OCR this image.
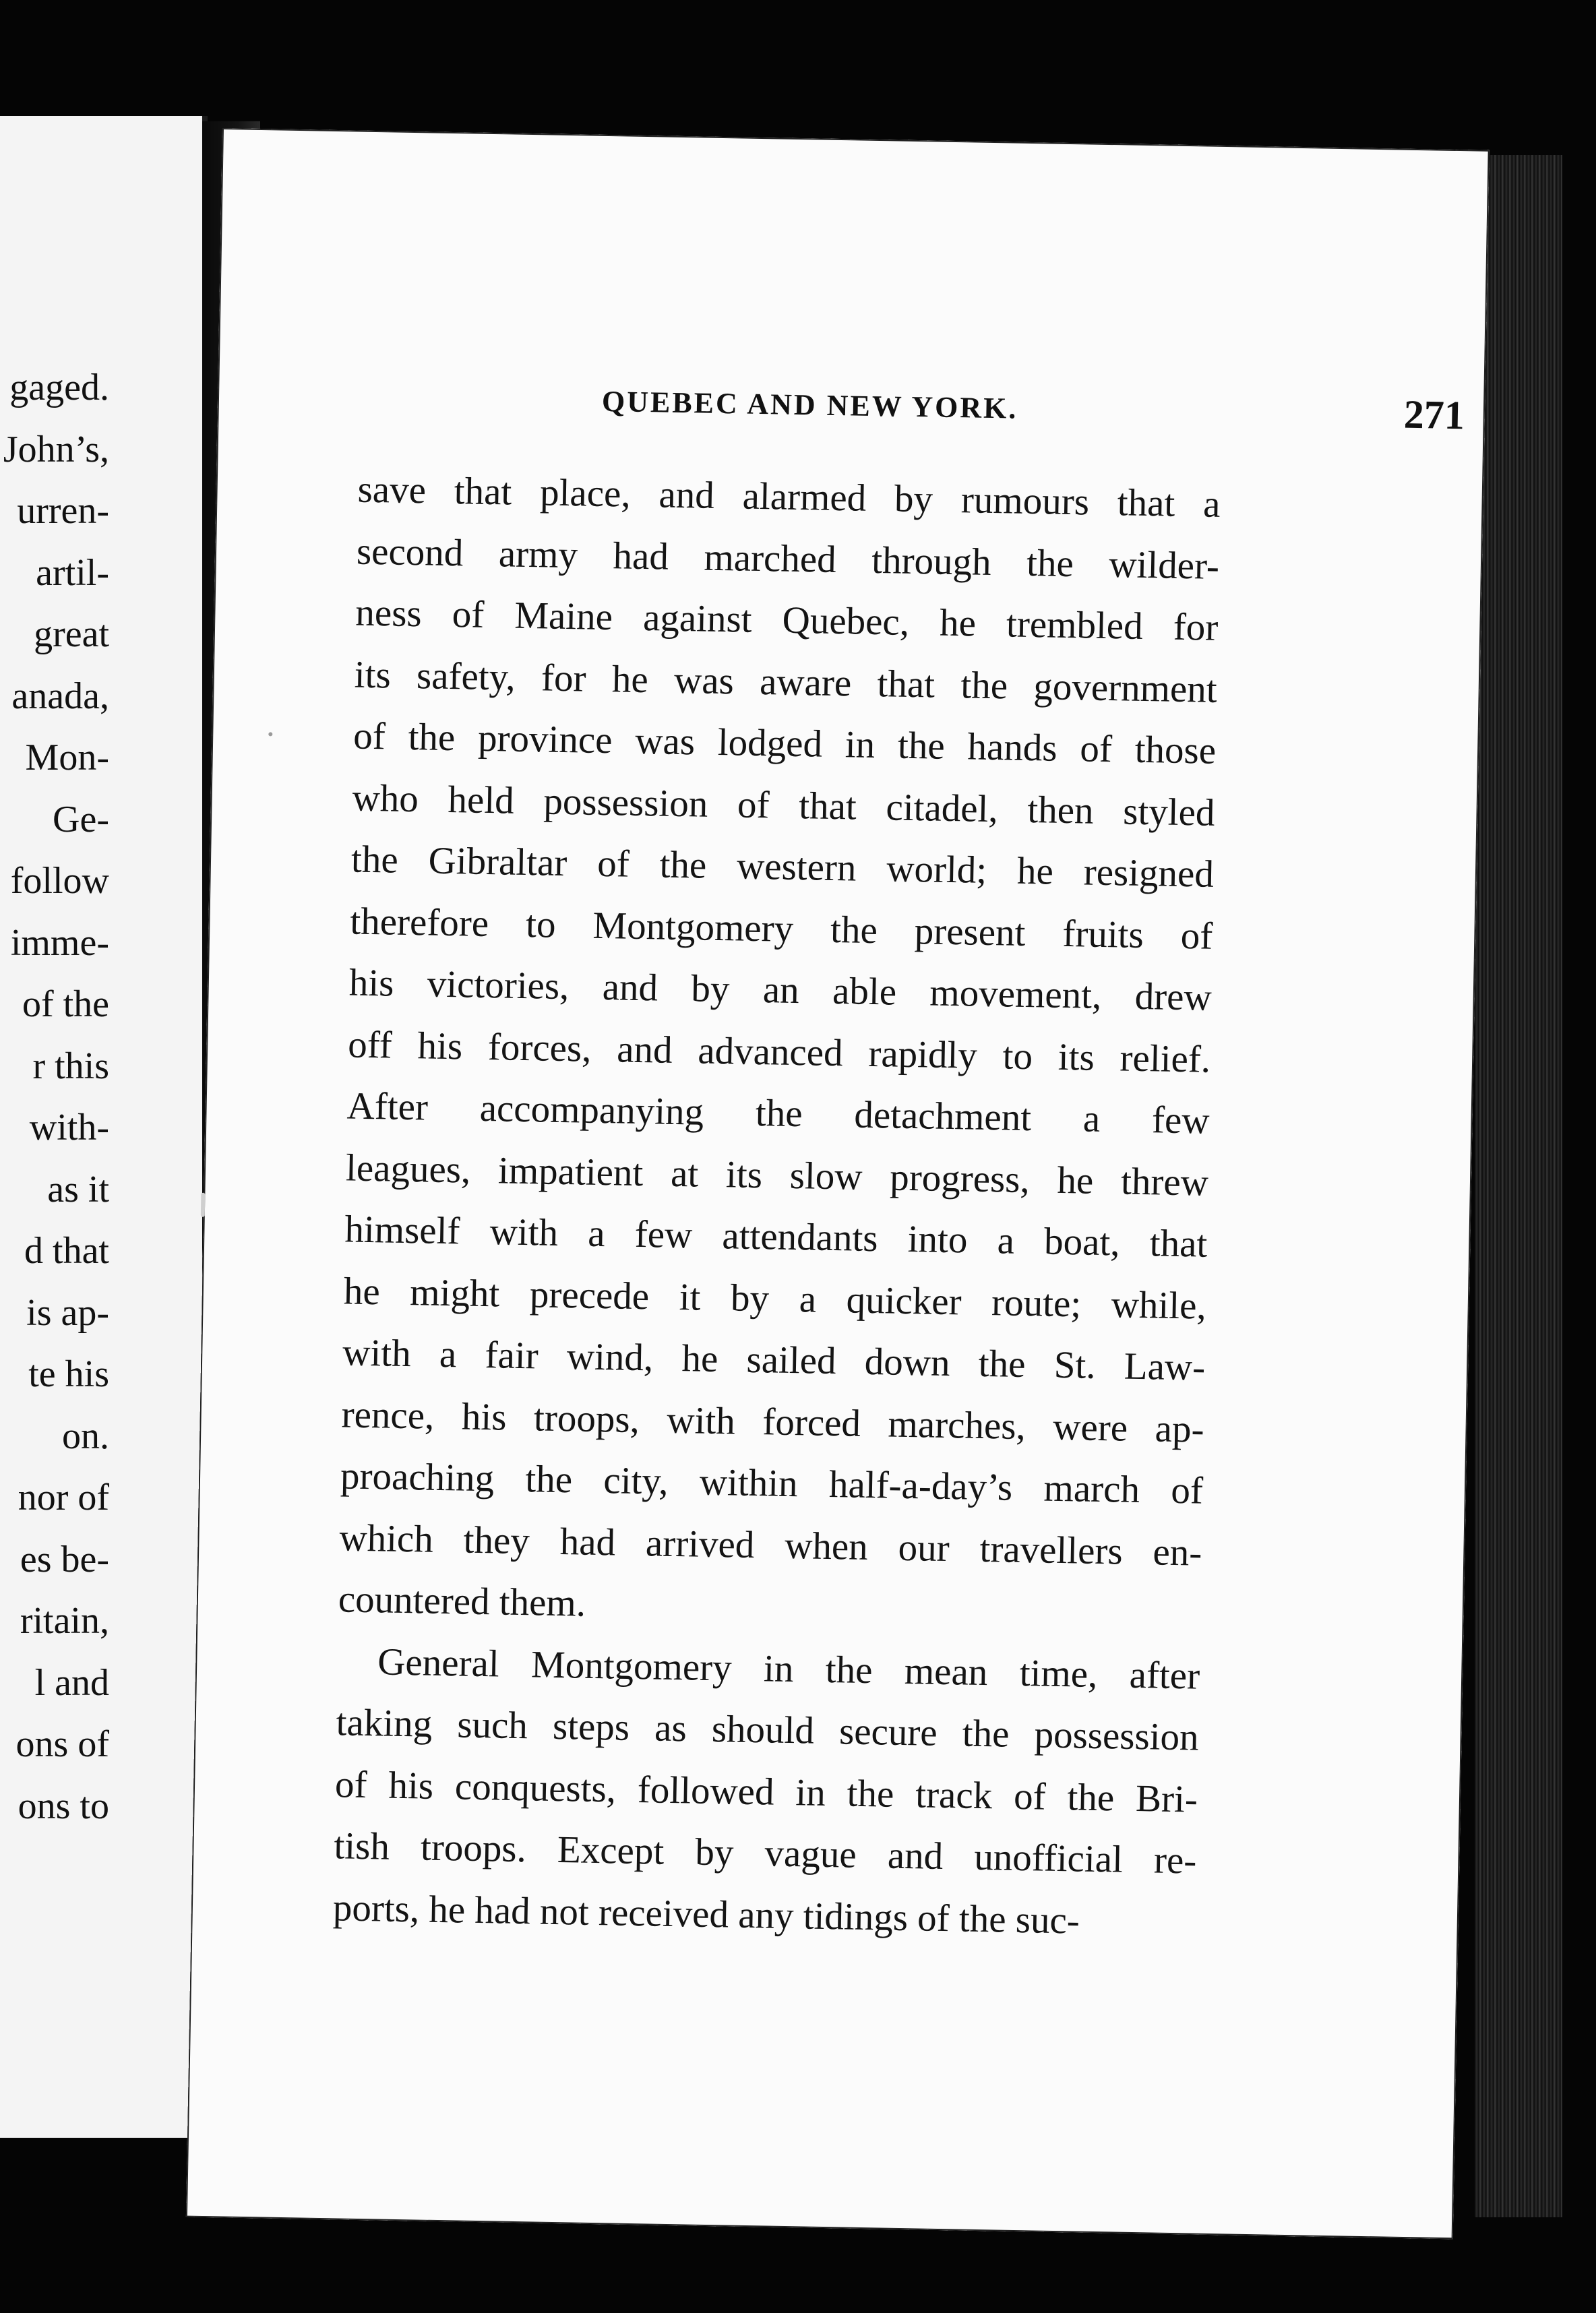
gaged.
John’s,
urren-
artil-
great
anada,
Mon-
Ge-
follow
imme-
of the
r this
with-
as it
d that
is ap-
te his
on.
nor of
es be-
ritain,
l and
ons of
ons to
QUEBEC AND NEW YORK.	271
save that place, and alarmed by rumours that a
second army had marched through the wilder-
ness of Maine against Quebec, he trembled for
its safety, for he was aware that the government
of the province was lodged in the hands of those
who held possession of that citadel, then styled
the Gibraltar of the western world; he resigned
therefore to Montgomery the present fruits of
his victories, and by an able movement, drew
off his forces, and advanced rapidly to its relief.
After accompanying the detachment a few
leagues, impatient at its slow progress, he threw
himself with a few attendants into a boat, that
he might precede it by a quicker route; while,
with a fair wind, he sailed down the St. Law-
rence, his troops, with forced marches, were ap-
proaching the city, within half-a-day’s march of
which they had arrived when our travellers en-
countered them.
General Montgomery in the mean time, after
taking such steps as should secure the possession
of his conquests, followed in the track of the Bri-
tish troops. Except by vague and unofficial re-
ports, he had not received any tidings of the suc-
